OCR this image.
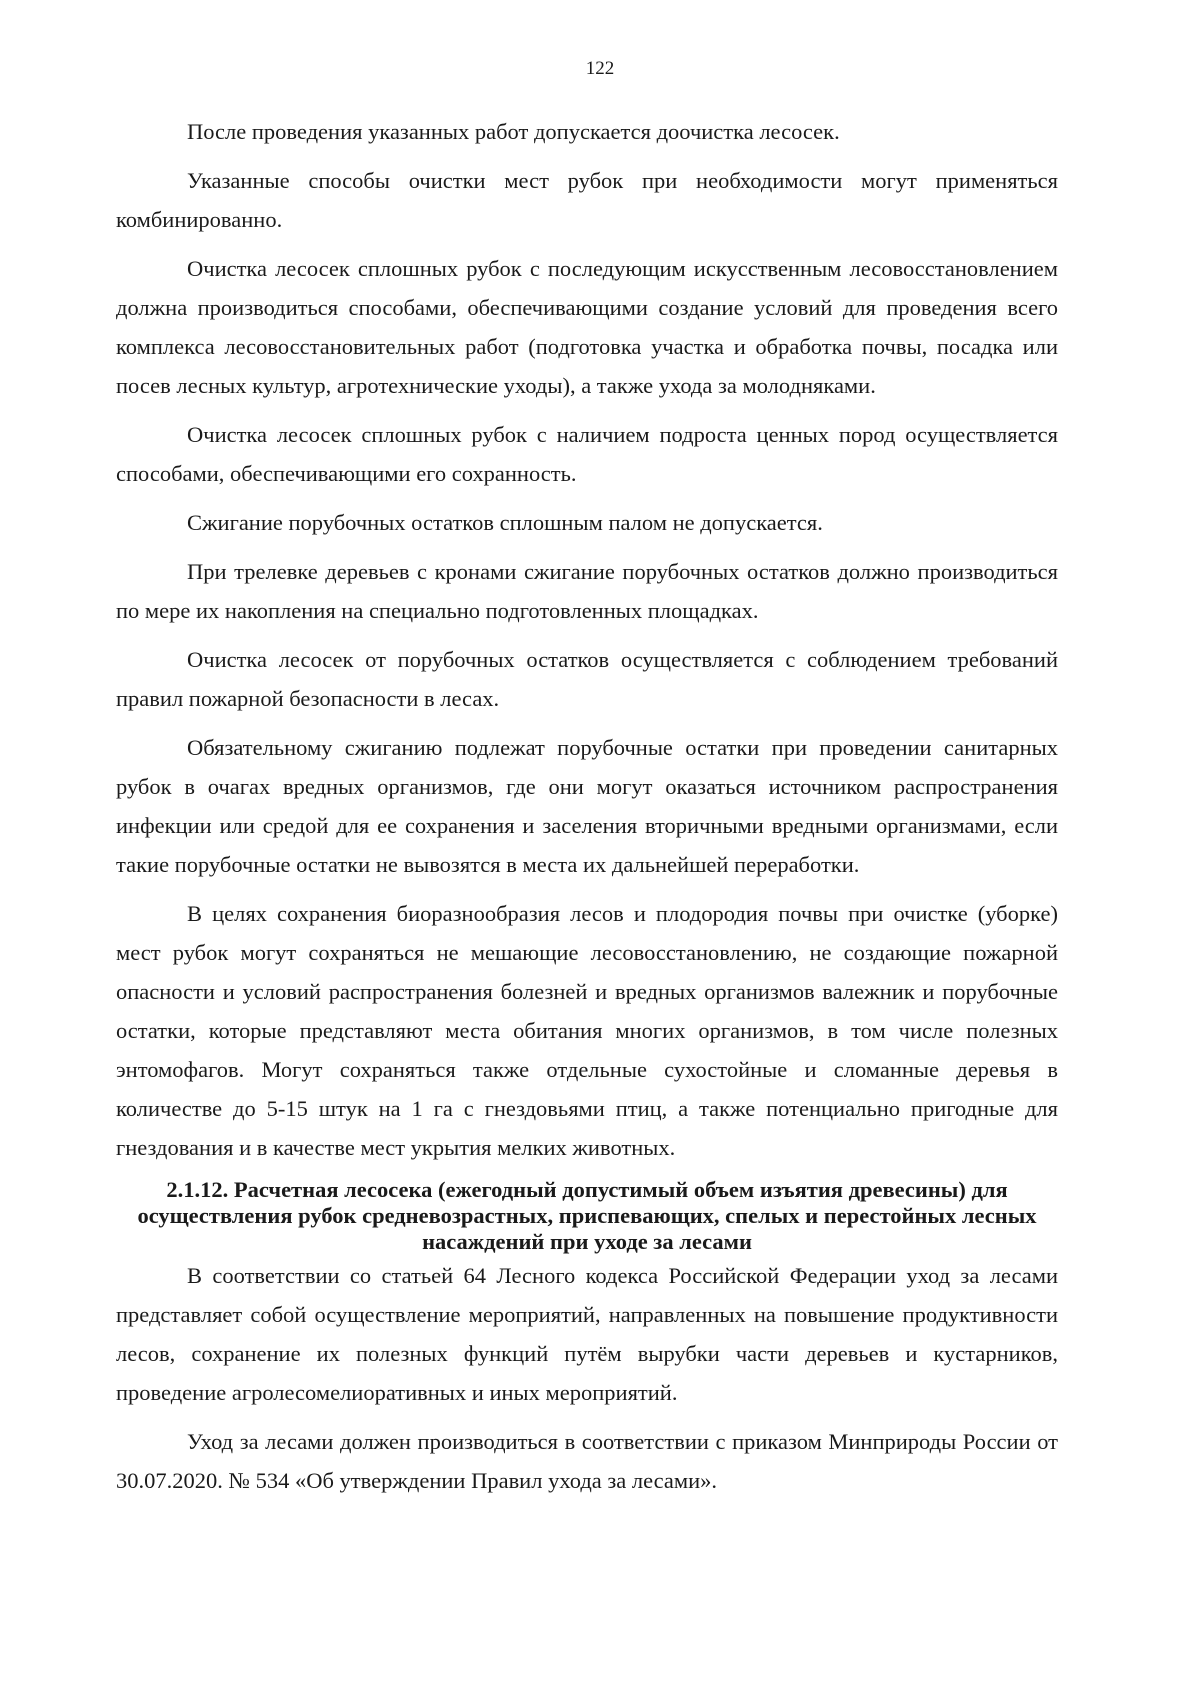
122

После проведения указанных работ допускается доочистка лесосек.

Указанные способы очистки мест рубок при необходимости могут применяться комбинированно.

Очистка лесосек сплошных рубок с последующим искусственным лесовосстановлением должна производиться способами, обеспечивающими создание условий для проведения всего комплекса лесовосстановительных работ (подготовка участка и обработка почвы, посадка или посев лесных культур, агротехнические уходы), а также ухода за молодняками.

Очистка лесосек сплошных рубок с наличием подроста ценных пород осуществляется способами, обеспечивающими его сохранность.

Сжигание порубочных остатков сплошным палом не допускается.

При трелевке деревьев с кронами сжигание порубочных остатков должно производиться по мере их накопления на специально подготовленных площадках.

Очистка лесосек от порубочных остатков осуществляется с соблюдением требований правил пожарной безопасности в лесах.

Обязательному сжиганию подлежат порубочные остатки при проведении санитарных рубок в очагах вредных организмов, где они могут оказаться источником распространения инфекции или средой для ее сохранения и заселения вторичными вредными организмами, если такие порубочные остатки не вывозятся в места их дальнейшей переработки.

В целях сохранения биоразнообразия лесов и плодородия почвы при очистке (уборке) мест рубок могут сохраняться не мешающие лесовосстановлению, не создающие пожарной опасности и условий распространения болезней и вредных организмов валежник и порубочные остатки, которые представляют места обитания многих организмов, в том числе полезных энтомофагов. Могут сохраняться также отдельные сухостойные и сломанные деревья в количестве до 5-15 штук на 1 га с гнездовьями птиц, а также потенциально пригодные для гнездования и в качестве мест укрытия мелких животных.

2.1.12. Расчетная лесосека (ежегодный допустимый объем изъятия древесины) для осуществления рубок средневозрастных, приспевающих, спелых и перестойных лесных насаждений при уходе за лесами

В соответствии со статьей 64 Лесного кодекса Российской Федерации уход за лесами представляет собой осуществление мероприятий, направленных на повышение продуктивности лесов, сохранение их полезных функций путём вырубки части деревьев и кустарников, проведение агролесомелиоративных и иных мероприятий.

Уход за лесами должен производиться в соответствии с приказом Минприроды России от 30.07.2020. № 534 «Об утверждении Правил ухода за лесами».
